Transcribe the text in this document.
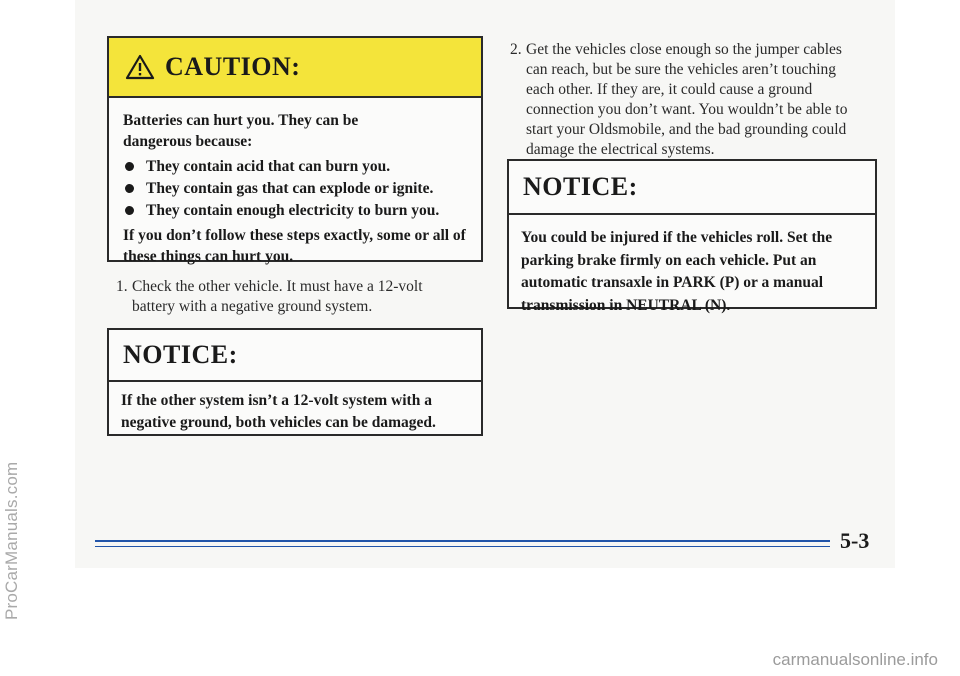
ProCarManuals.com
CAUTION:

Batteries can hurt you. They can be dangerous because:

They contain acid that can burn you.
They contain gas that can explode or ignite.
They contain enough electricity to burn you.

If you don’t follow these steps exactly, some or all of these things can hurt you.

1. Check the other vehicle. It must have a 12-volt battery with a negative ground system.
NOTICE:
If the other system isn’t a 12-volt system with a negative ground, both vehicles can be damaged.
2. Get the vehicles close enough so the jumper cables can reach, but be sure the vehicles aren’t touching each other. If they are, it could cause a ground connection you don’t want. You wouldn’t be able to start your Oldsmobile, and the bad grounding could damage the electrical systems.
NOTICE:
You could be injured if the vehicles roll. Set the parking brake firmly on each vehicle. Put an automatic transaxle in PARK (P) or a manual transmission in NEUTRAL (N).
5-3
carmanualsonline.info
